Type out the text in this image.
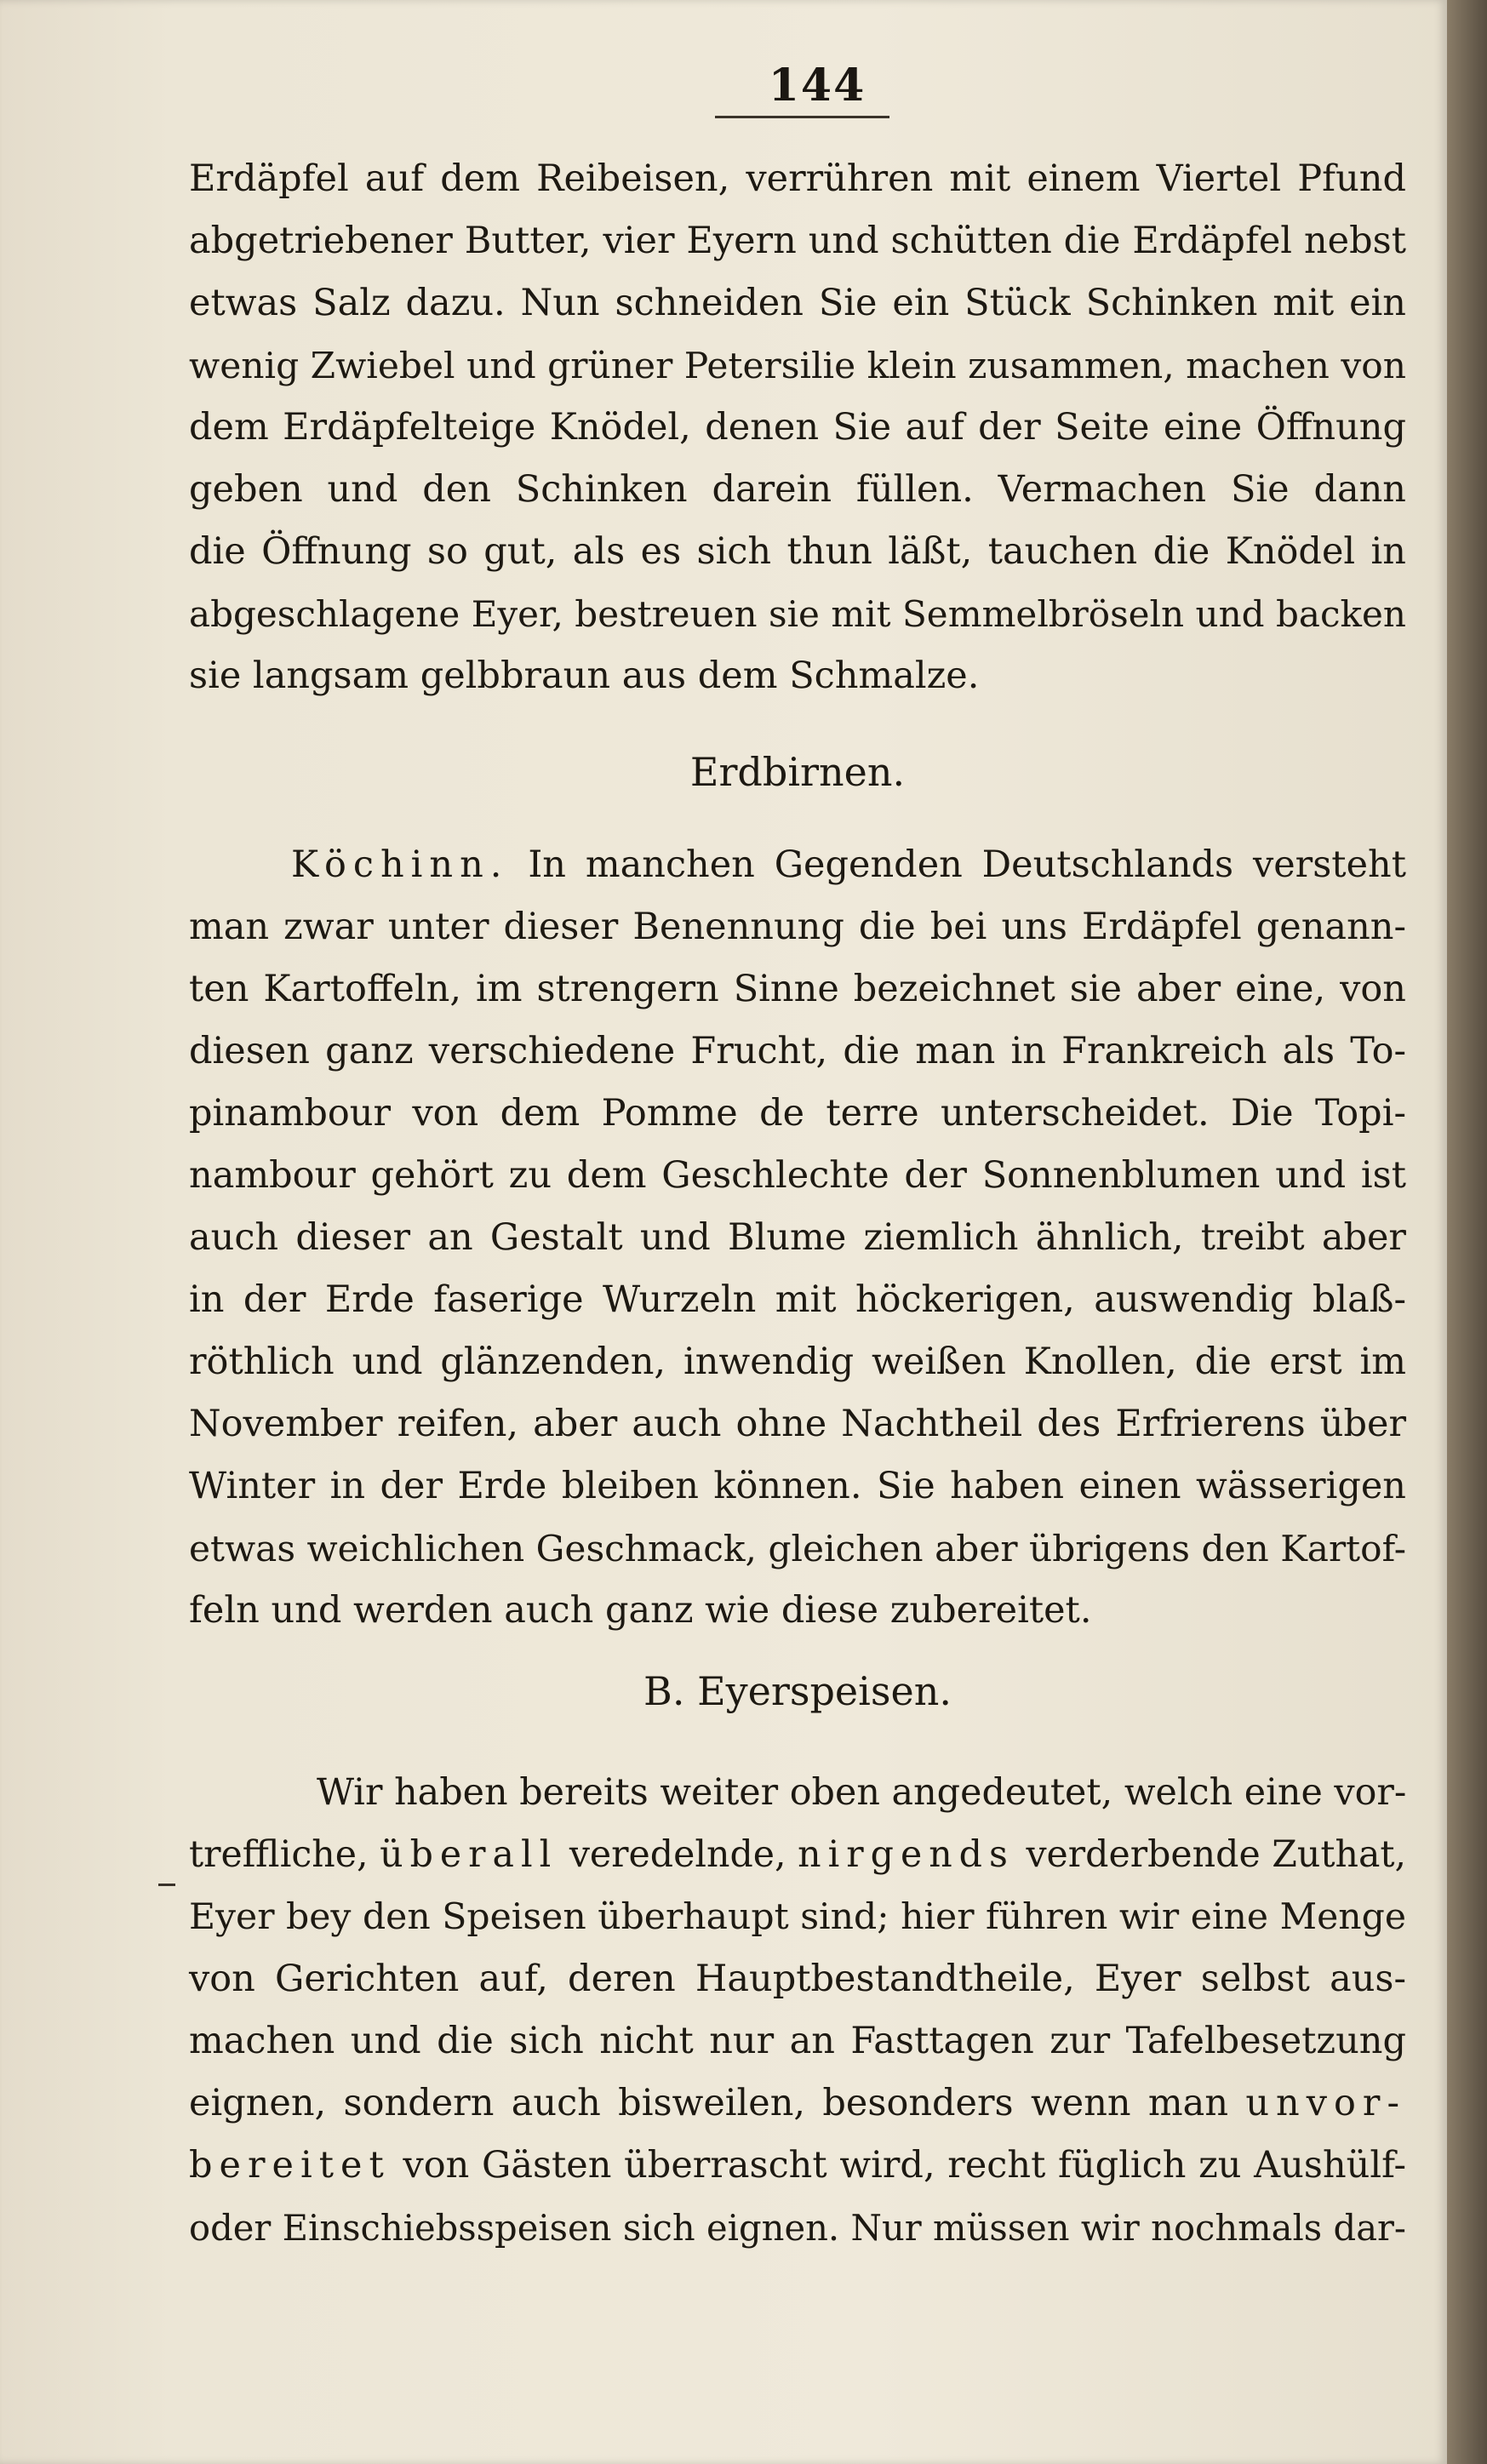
144
Erdäpfel auf dem Reibeisen, verrühren mit einem Viertel Pfund
abgetriebener Butter, vier Eyern und schütten die Erdäpfel nebst
etwas Salz dazu. Nun schneiden Sie ein Stück Schinken mit ein
wenig Zwiebel und grüner Petersilie klein zusammen, machen von
dem Erdäpfelteige Knödel, denen Sie auf der Seite eine Öffnung
geben und den Schinken darein füllen. Vermachen Sie dann
die Öffnung so gut, als es sich thun läßt, tauchen die Knödel in
abgeschlagene Eyer, bestreuen sie mit Semmelbröseln und backen
sie langsam gelbbraun aus dem Schmalze.
Erdbirnen.
Köchinn. In manchen Gegenden Deutschlands versteht
man zwar unter dieser Benennung die bei uns Erdäpfel genann-
ten Kartoffeln, im strengern Sinne bezeichnet sie aber eine, von
diesen ganz verschiedene Frucht, die man in Frankreich als To-
pinambour von dem Pomme de terre unterscheidet. Die Topi-
nambour gehört zu dem Geschlechte der Sonnenblumen und ist
auch dieser an Gestalt und Blume ziemlich ähnlich, treibt aber
in der Erde faserige Wurzeln mit höckerigen, auswendig blaß-
röthlich und glänzenden, inwendig weißen Knollen, die erst im
November reifen, aber auch ohne Nachtheil des Erfrierens über
Winter in der Erde bleiben können. Sie haben einen wässerigen
etwas weichlichen Geschmack, gleichen aber übrigens den Kartof-
feln und werden auch ganz wie diese zubereitet.
B. Eyerspeisen.
Wir haben bereits weiter oben angedeutet, welch eine vor-
treffliche, überall veredelnde, nirgends verderbende Zuthat,
Eyer bey den Speisen überhaupt sind; hier führen wir eine Menge
von Gerichten auf, deren Hauptbestandtheile, Eyer selbst aus-
machen und die sich nicht nur an Fasttagen zur Tafelbesetzung
eignen, sondern auch bisweilen, besonders wenn man unvor-
bereitet von Gästen überrascht wird, recht füglich zu Aushülf-
oder Einschiebsspeisen sich eignen. Nur müssen wir nochmals dar-
